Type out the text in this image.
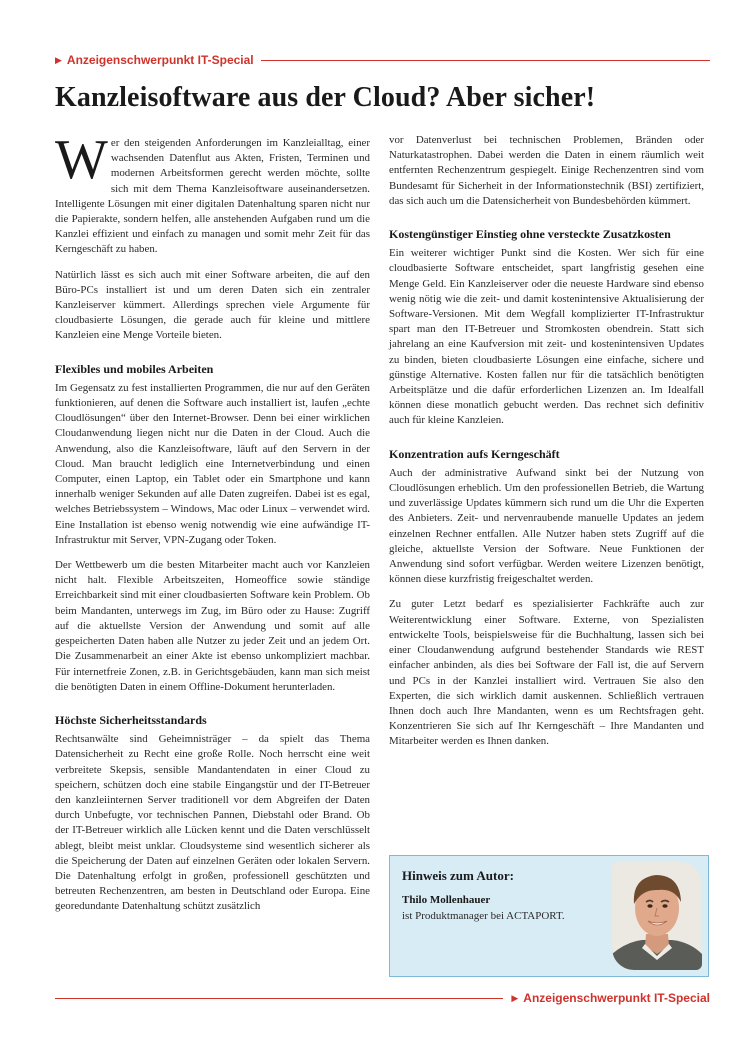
▶ Anzeigenschwerpunkt IT-Special
Kanzleisoftware aus der Cloud? Aber sicher!

Wer den steigenden Anforderungen im Kanzleialltag, einer wachsenden Datenflut aus Akten, Fristen, Terminen und modernen Arbeitsformen gerecht werden möchte, sollte sich mit dem Thema Kanzleisoftware auseinandersetzen. Intelligente Lösungen mit einer digitalen Datenhaltung sparen nicht nur die Papierakte, sondern helfen, alle anstehenden Aufgaben rund um die Kanzlei effizient und einfach zu managen und somit mehr Zeit für das Kerngeschäft zu haben.

Natürlich lässt es sich auch mit einer Software arbeiten, die auf den Büro-PCs installiert ist und um deren Daten sich ein zentraler Kanzleiserver kümmert. Allerdings sprechen viele Argumente für cloudbasierte Lösungen, die gerade auch für kleine und mittlere Kanzleien eine Menge Vorteile bieten.

Flexibles und mobiles Arbeiten

Im Gegensatz zu fest installierten Programmen, die nur auf den Geräten funktionieren, auf denen die Software auch installiert ist, laufen „echte Cloudlösungen“ über den Internet-Browser. Denn bei einer wirklichen Cloudanwendung liegen nicht nur die Daten in der Cloud. Auch die Anwendung, also die Kanzleisoftware, läuft auf den Servern in der Cloud. Man braucht lediglich eine Internetverbindung und einen Computer, einen Laptop, ein Tablet oder ein Smartphone und kann innerhalb weniger Sekunden auf alle Daten zugreifen. Dabei ist es egal, welches Betriebssystem – Windows, Mac oder Linux – verwendet wird. Eine Installation ist ebenso wenig notwendig wie eine aufwändige IT-Infrastruktur mit Server, VPN-Zugang oder Token.

Der Wettbewerb um die besten Mitarbeiter macht auch vor Kanzleien nicht halt. Flexible Arbeitszeiten, Homeoffice sowie ständige Erreichbarkeit sind mit einer cloudbasierten Software kein Problem. Ob beim Mandanten, unterwegs im Zug, im Büro oder zu Hause: Zugriff auf die aktuellste Version der Anwendung und somit auf alle gespeicherten Daten haben alle Nutzer zu jeder Zeit und an jedem Ort. Die Zusammenarbeit an einer Akte ist ebenso unkompliziert machbar. Für internetfreie Zonen, z.B. in Gerichtsgebäuden, kann man sich meist die benötigten Daten in einem Offline-Dokument herunterladen.

Höchste Sicherheitsstandards

Rechtsanwälte sind Geheimnisträger – da spielt das Thema Datensicherheit zu Recht eine große Rolle. Noch herrscht eine weit verbreitete Skepsis, sensible Mandantendaten in einer Cloud zu speichern, schützen doch eine stabile Eingangstür und der IT-Betreuer den kanzleiinternen Server traditionell vor dem Abgreifen der Daten durch Unbefugte, vor technischen Pannen, Diebstahl oder Brand. Ob der IT-Betreuer wirklich alle Lücken kennt und die Daten verschlüsselt ablegt, bleibt meist unklar. Cloudsysteme sind wesentlich sicherer als die Speicherung der Daten auf einzelnen Geräten oder lokalen Servern. Die Datenhaltung erfolgt in großen, professionell geschützten und betreuten Rechenzentren, am besten in Deutschland oder Europa. Eine georedundante Datenhaltung schützt zusätzlich

vor Datenverlust bei technischen Problemen, Bränden oder Naturkatastrophen. Dabei werden die Daten in einem räumlich weit entfernten Rechenzentrum gespiegelt. Einige Rechenzentren sind vom Bundesamt für Sicherheit in der Informationstechnik (BSI) zertifiziert, das sich auch um die Datensicherheit von Bundesbehörden kümmert.

Kostengünstiger Einstieg ohne versteckte Zusatzkosten

Ein weiterer wichtiger Punkt sind die Kosten. Wer sich für eine cloudbasierte Software entscheidet, spart langfristig gesehen eine Menge Geld. Ein Kanzleiserver oder die neueste Hardware sind ebenso wenig nötig wie die zeit- und damit kostenintensive Aktualisierung der Software-Versionen. Mit dem Wegfall komplizierter IT-Infrastruktur spart man den IT-Betreuer und Stromkosten obendrein. Statt sich jahrelang an eine Kaufversion mit zeit- und kostenintensiven Updates zu binden, bieten cloudbasierte Lösungen eine einfache, sichere und günstige Alternative. Kosten fallen nur für die tatsächlich benötigten Arbeitsplätze und die dafür erforderlichen Lizenzen an. Im Idealfall können diese monatlich gebucht werden. Das rechnet sich definitiv auch für kleine Kanzleien.

Konzentration aufs Kerngeschäft

Auch der administrative Aufwand sinkt bei der Nutzung von Cloudlösungen erheblich. Um den professionellen Betrieb, die Wartung und zuverlässige Updates kümmern sich rund um die Uhr die Experten des Anbieters. Zeit- und nervenraubende manuelle Updates an jedem einzelnen Rechner entfallen. Alle Nutzer haben stets Zugriff auf die gleiche, aktuellste Version der Software. Neue Funktionen der Anwendung sind sofort verfügbar. Werden weitere Lizenzen benötigt, können diese kurzfristig freigeschaltet werden.

Zu guter Letzt bedarf es spezialisierter Fachkräfte auch zur Weiterentwicklung einer Software. Externe, von Spezialisten entwickelte Tools, beispielsweise für die Buchhaltung, lassen sich bei einer Cloudanwendung aufgrund bestehender Standards wie REST einfacher anbinden, als dies bei Software der Fall ist, die auf Servern und PCs in der Kanzlei installiert wird. Vertrauen Sie also den Experten, die sich wirklich damit auskennen. Schließlich vertrauen Ihnen doch auch Ihre Mandanten, wenn es um Rechtsfragen geht. Konzentrieren Sie sich auf Ihr Kerngeschäft – Ihre Mandanten und Mitarbeiter werden es Ihnen danken.

Hinweis zum Autor:
Thilo Mollenhauer
ist Produktmanager bei ACTAPORT.
▶ Anzeigenschwerpunkt IT-Special
